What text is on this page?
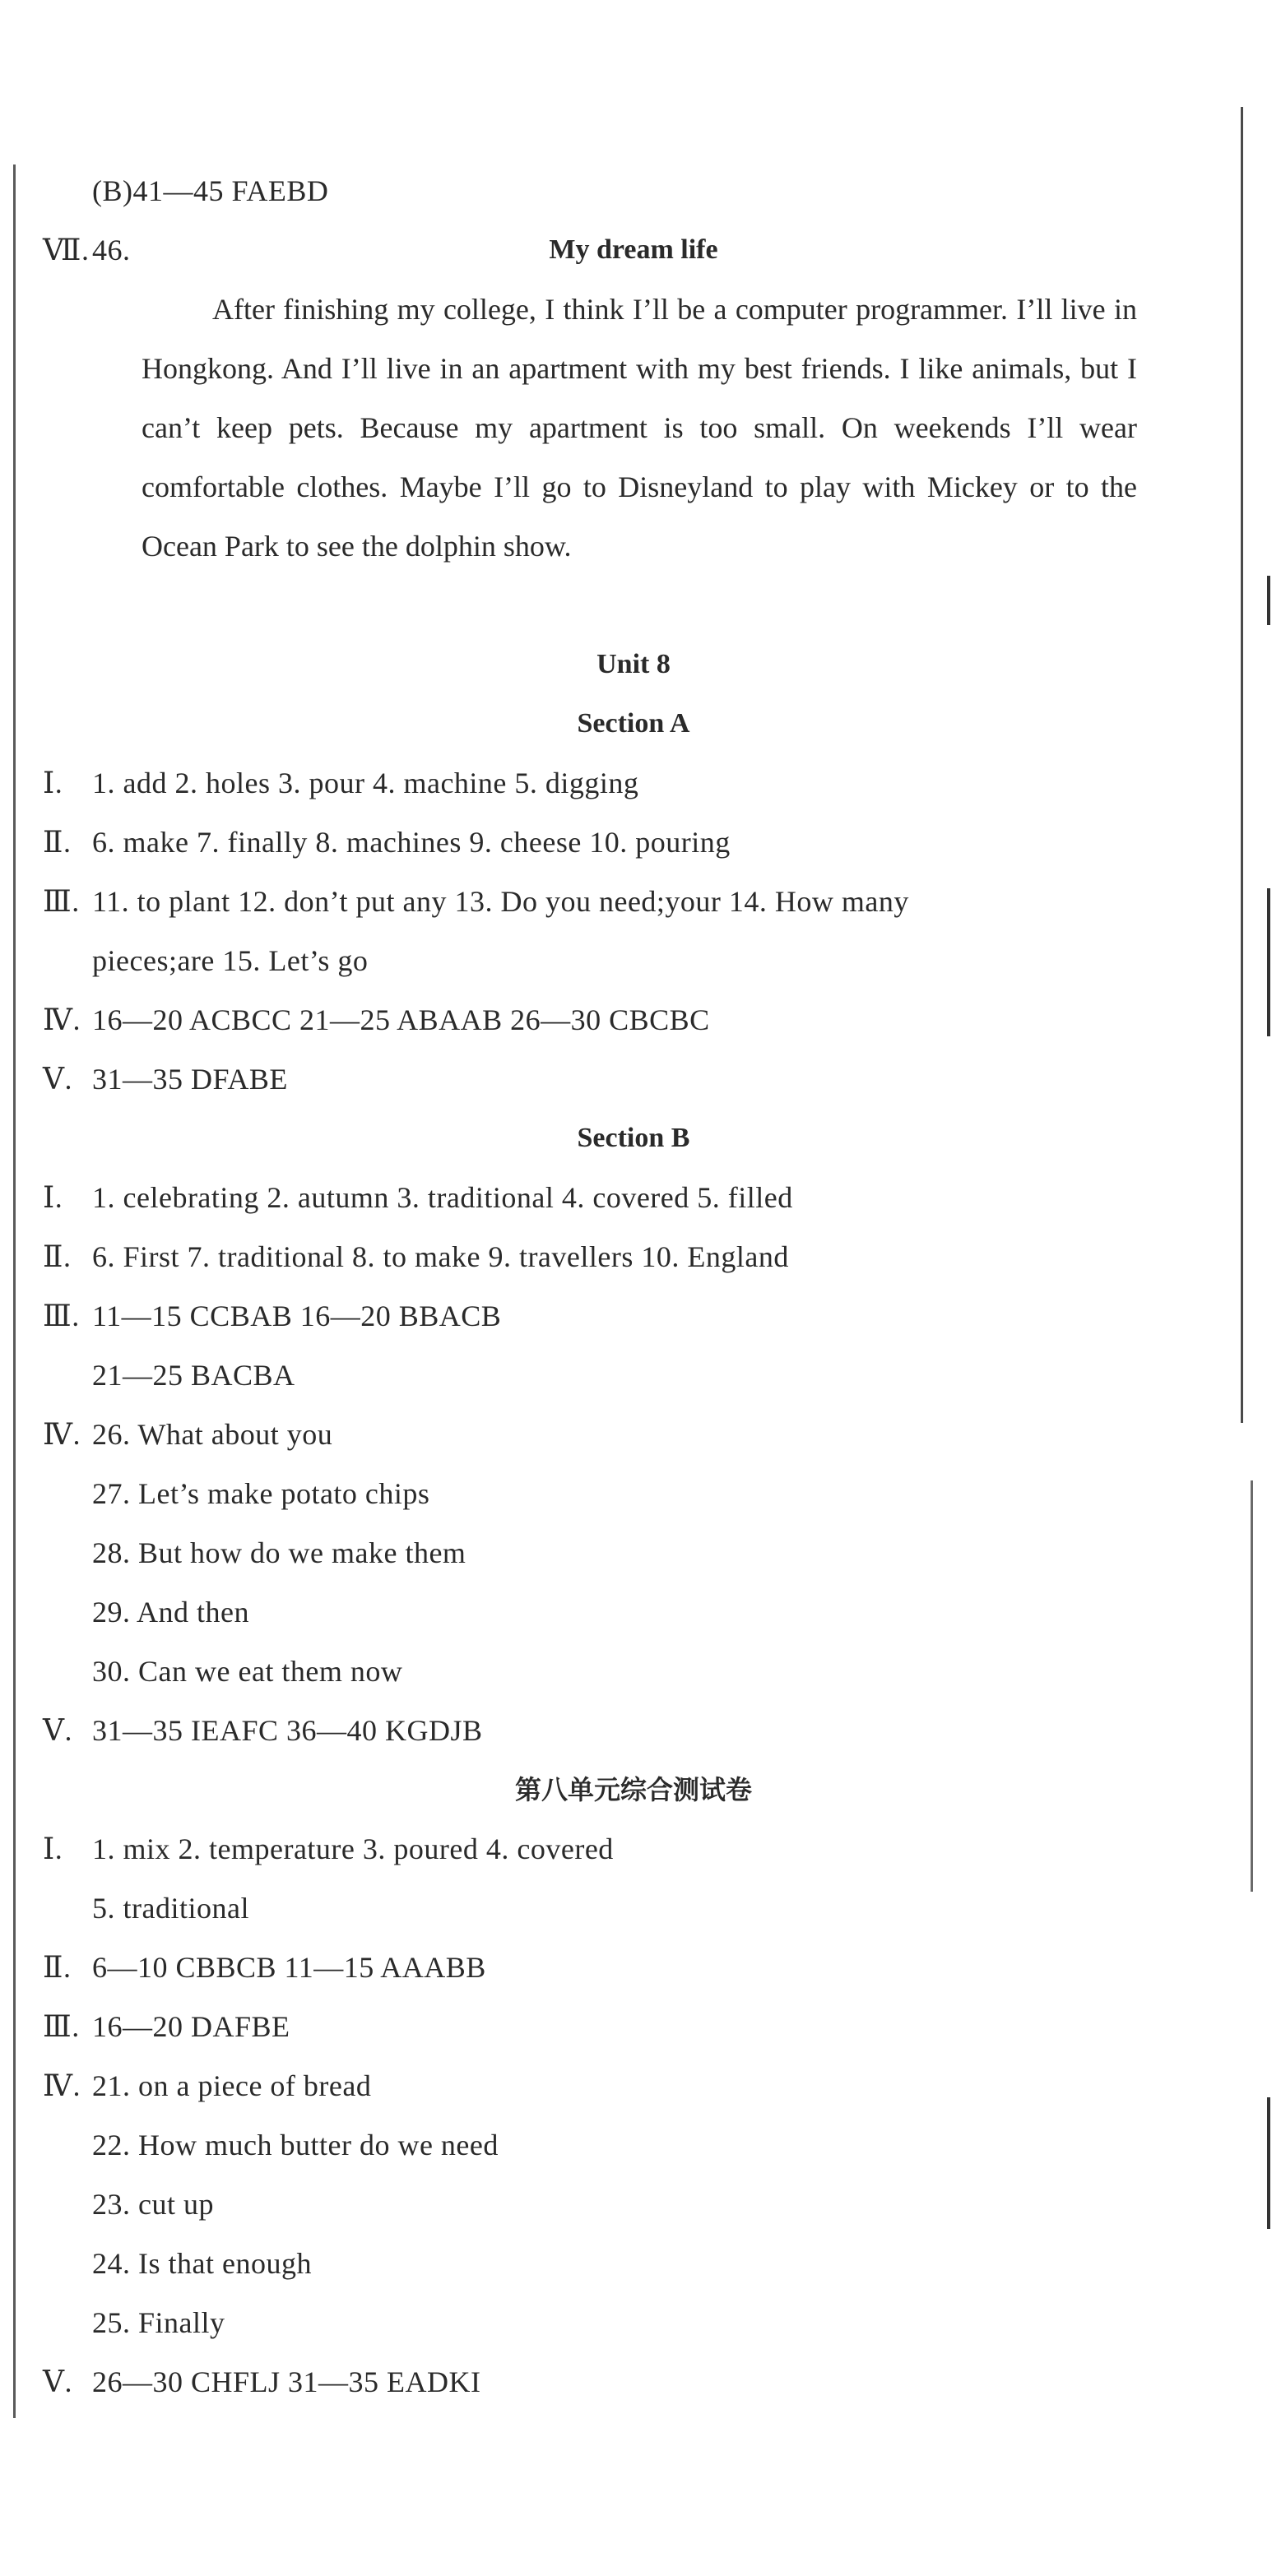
(B)41—45 FAEBD
Ⅶ. 46.
Ⅰ. 1. add 2. holes 3. pour 4. machine 5. digging
Ⅱ. 6. make 7. finally 8. machines 9. cheese 10. pouring
Ⅲ. 11. to plant 12. don’t put any 13. Do you need;your 14. How many
pieces;are 15. Let’s go
Ⅳ. 16—20 ACBCC 21—25 ABAAB 26—30 CBCBC
Ⅴ. 31—35 DFABE
Ⅰ. 1. celebrating 2. autumn 3. traditional 4. covered 5. filled
Ⅱ. 6. First 7. traditional 8. to make 9. travellers 10. England
Ⅲ. 11—15 CCBAB 16—20 BBACB
21—25 BACBA
Ⅳ. 26. What about you
27. Let’s make potato chips
28. But how do we make them
29. And then
30. Can we eat them now
Ⅴ. 31—35 IEAFC 36—40 KGDJB
Ⅰ. 1. mix 2. temperature 3. poured 4. covered
5. traditional
Ⅱ. 6—10 CBBCB 11—15 AAABB
Ⅲ. 16—20 DAFBE
Ⅳ. 21. on a piece of bread
22. How much butter do we need
23. cut up
24. Is that enough
25. Finally
Ⅴ. 26—30 CHFLJ 31—35 EADKI
My dream life
After finishing my college, I think I’ll be a computer programmer. I’ll live in Hongkong. And I’ll live in an apartment with my best friends. I like animals, but I can’t keep pets. Because my apartment is too small. On weekends I’ll wear comfortable clothes. Maybe I’ll go to Disneyland to play with Mickey or to the Ocean Park to see the dolphin show.
Unit 8
Section A
Section B
第八单元综合测试卷
